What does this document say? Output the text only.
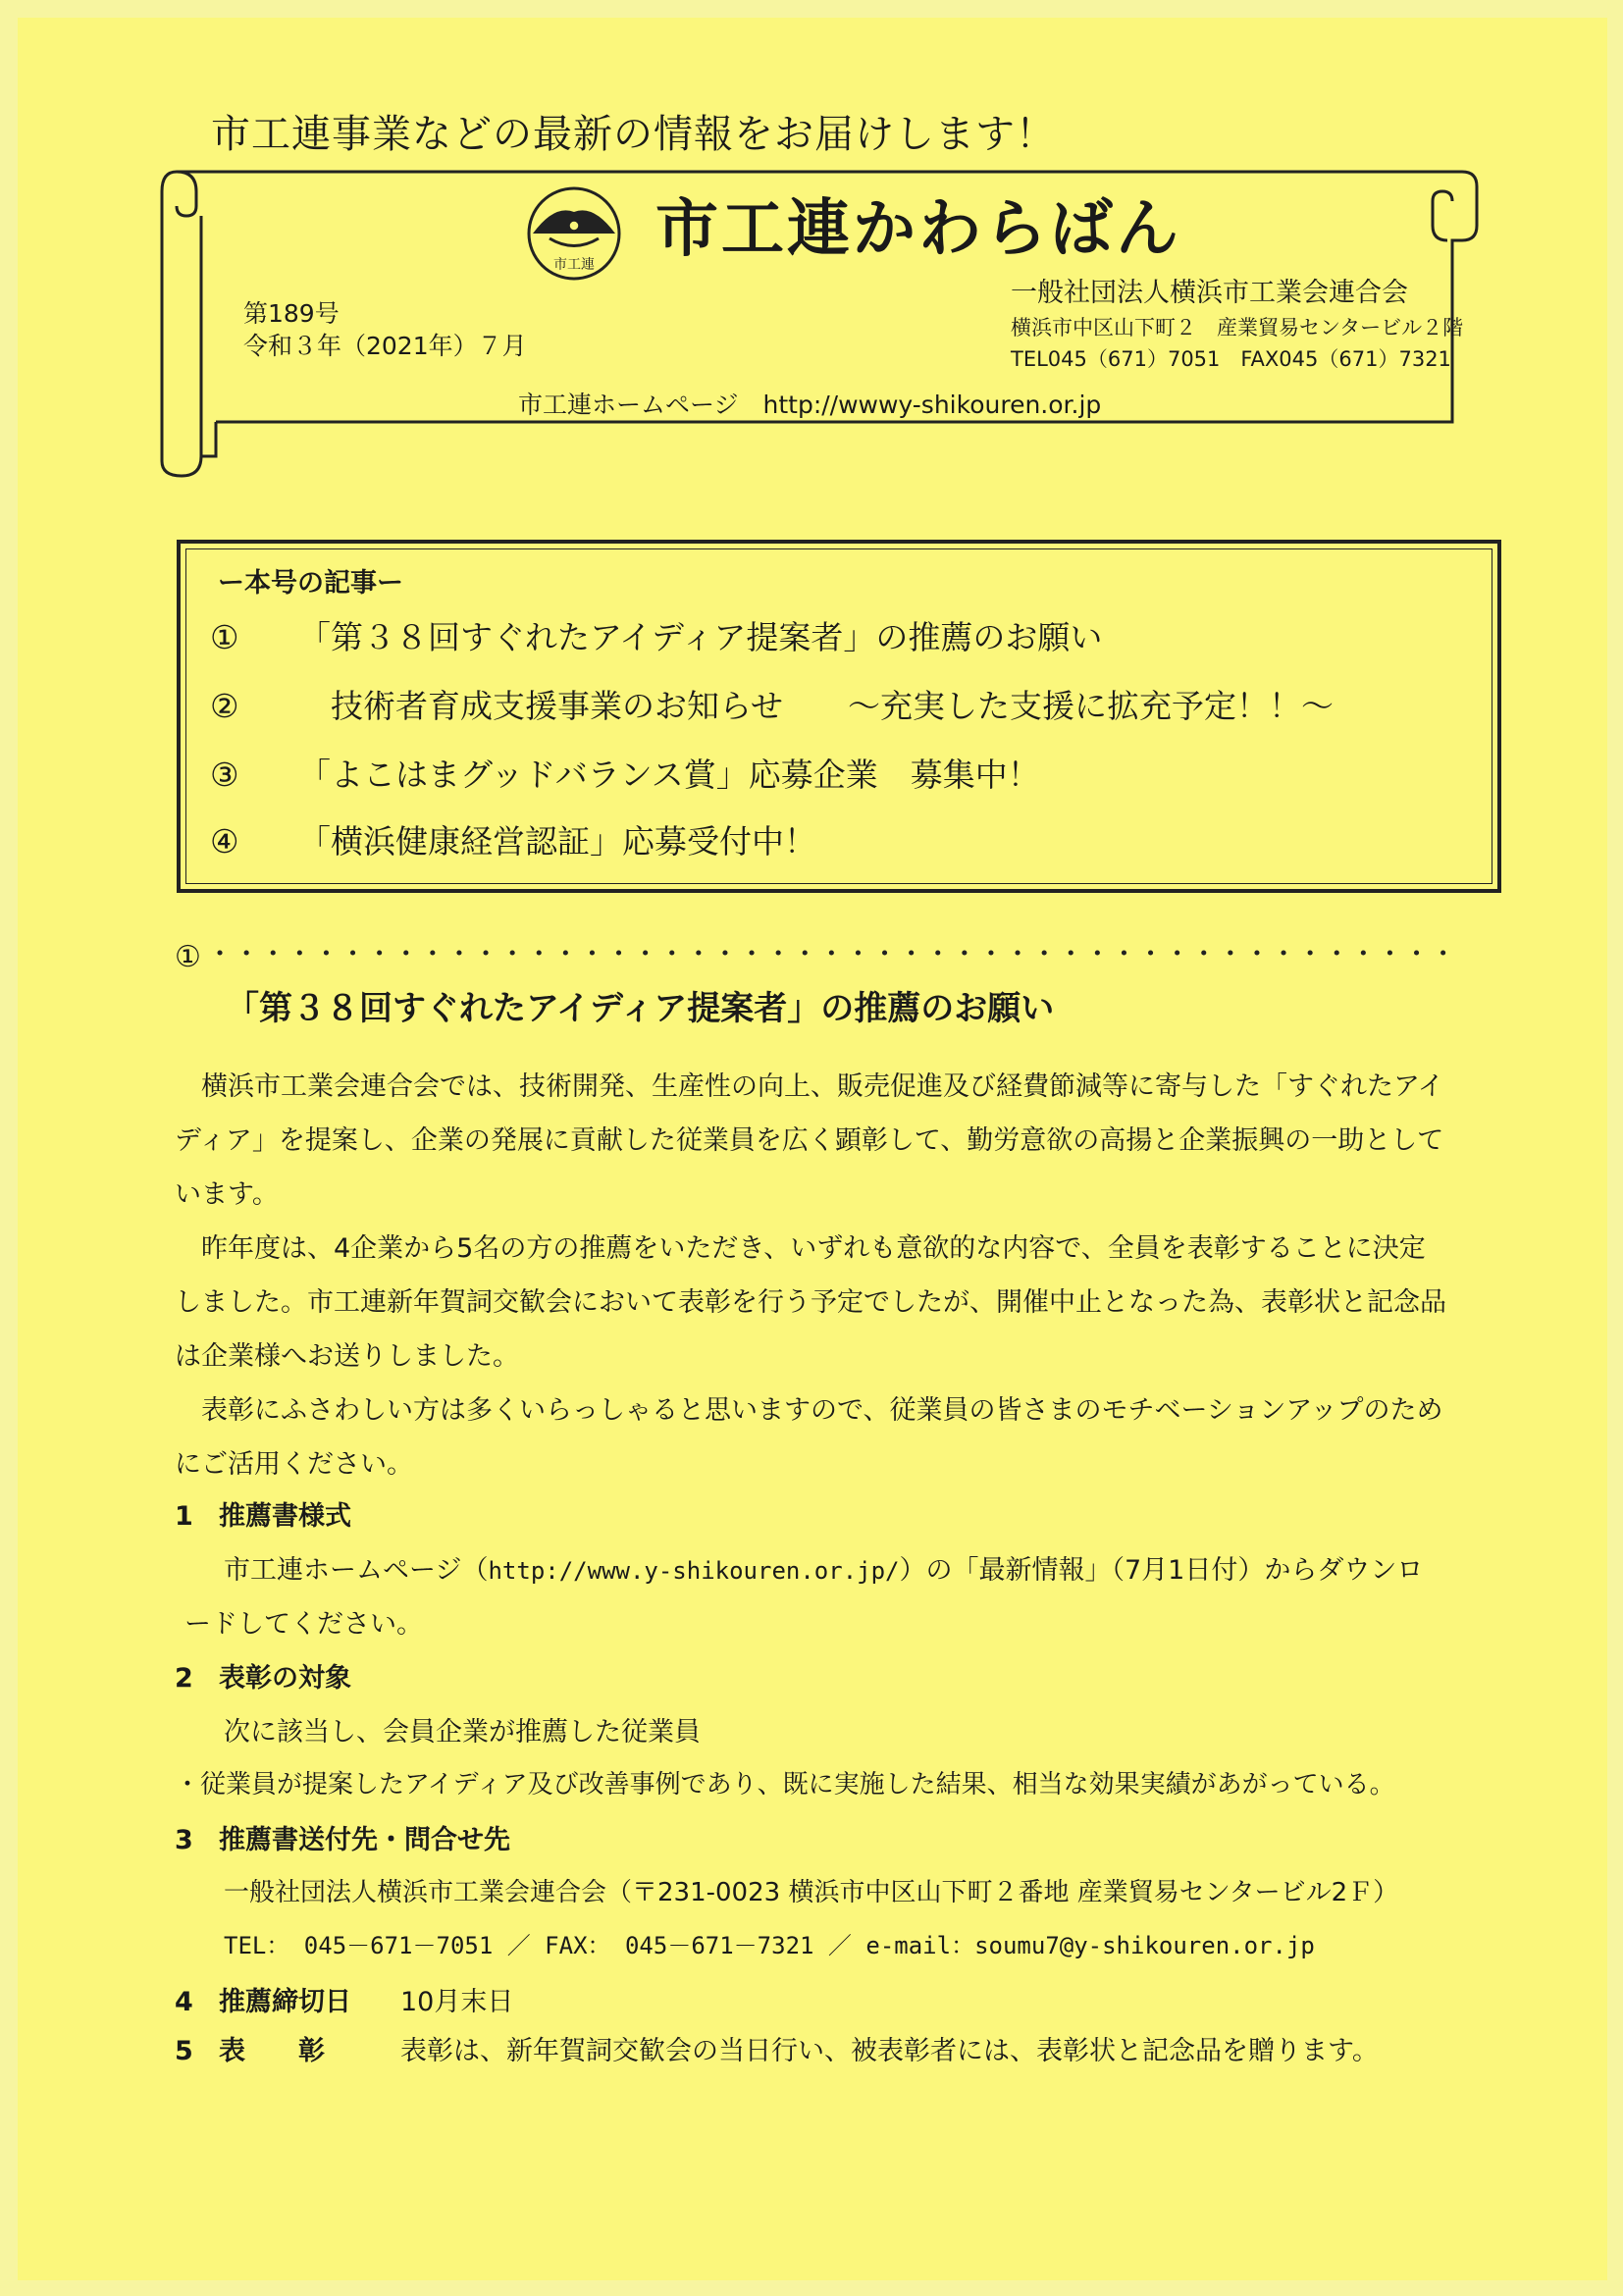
市工連事業などの最新の情報をお届けします！
市工連 市工連かわらばん
一般社団法人横浜市工業会連合会
横浜市中区山下町２　産業貿易センタービル２階
TEL045（671）7051　FAX045（671）7321
第189号
令和３年（2021年）７月
市工連ホームページ　http://wwwy-shikouren.or.jp
ー本号の記事ー
① 「第３８回すぐれたアイディア提案者」の推薦のお願い
②　技術者育成支援事業のお知らせ　　～充実した支援に拡充予定！！～
③ 「よこはまグッドバランス賞」応募企業　募集中！
④ 「横浜健康経営認証」応募受付中！
①
「第３８回すぐれたアイディア提案者」の推薦のお願い
横浜市工業会連合会では、技術開発、生産性の向上、販売促進及び経費節減等に寄与した「すぐれたアイディア」を提案し、企業の発展に貢献した従業員を広く顕彰して、勤労意欲の高揚と企業振興の一助としています。
昨年度は、4企業から5名の方の推薦をいただき、いずれも意欲的な内容で、全員を表彰することに決定しました。市工連新年賀詞交歓会において表彰を行う予定でしたが、開催中止となった為、表彰状と記念品は企業様へお送りしました。
表彰にふさわしい方は多くいらっしゃると思いますので、従業員の皆さまのモチベーションアップのためにご活用ください。
1 推薦書様式
市工連ホームページ（http://www.y-shikouren.or.jp/）の「最新情報」（7月1日付）からダウンロ
ードしてください。
2 表彰の対象
次に該当し、会員企業が推薦した従業員
・従業員が提案したアイディア及び改善事例であり、既に実施した結果、相当な効果実績があがっている。
3 推薦書送付先・問合せ先
一般社団法人横浜市工業会連合会（〒231-0023 横浜市中区山下町２番地 産業貿易センタービル2Ｆ）
TEL： 045－671－7051 ／ FAX： 045－671－7321 ／ e-mail：soumu7@y-shikouren.or.jp
4 推薦締切日 10月末日
5 表　　彰	表彰は、新年賀詞交歓会の当日行い、被表彰者には、表彰状と記念品を贈ります。
